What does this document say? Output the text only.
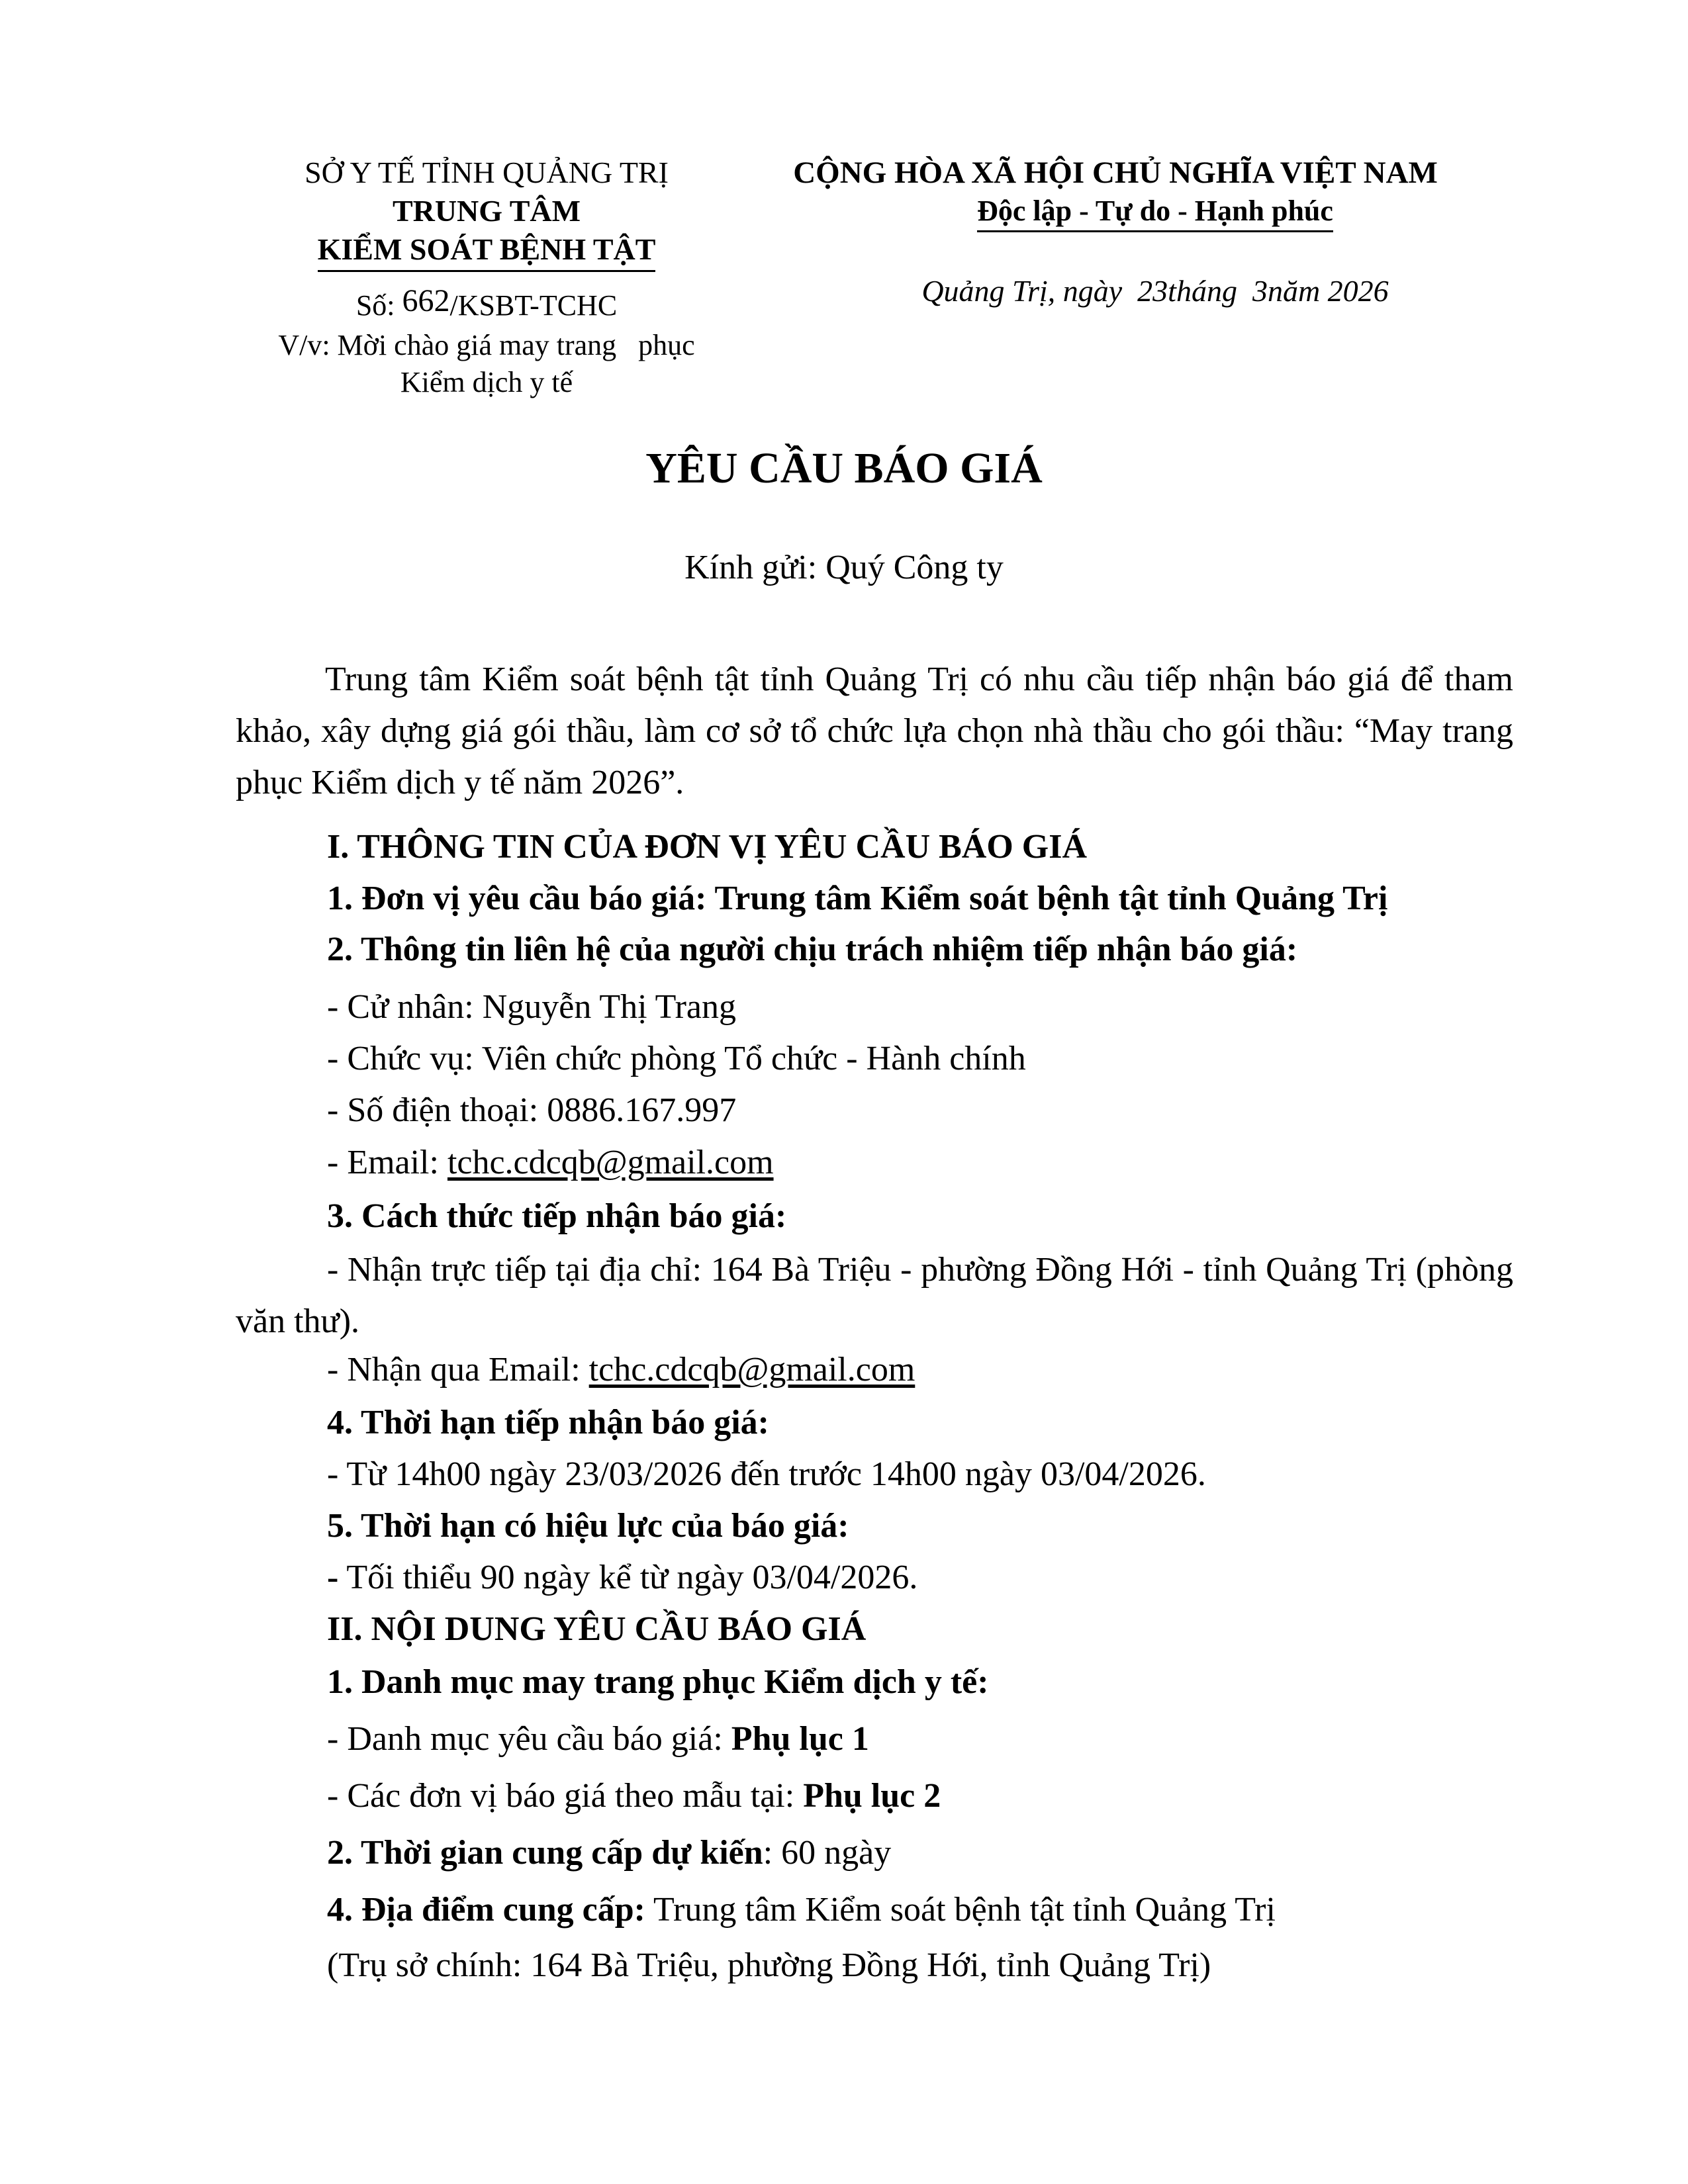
SỞ Y TẾ TỈNH QUẢNG TRỊ
TRUNG TÂM
KIỂM SOÁT BỆNH TẬT
Số: 662/KSBT-TCHC
V/v: Mời chào giá may trang   phục
Kiểm dịch y tế
CỘNG HÒA XÃ HỘI CHỦ NGHĨA VIỆT NAM
Độc lập - Tự do - Hạnh phúc
Quảng Trị, ngày  23tháng  3năm 2026
YÊU CẦU BÁO GIÁ
Kính gửi: Quý Công ty
Trung tâm Kiểm soát bệnh tật tỉnh Quảng Trị có nhu cầu tiếp nhận báo giá để tham khảo, xây dựng giá gói thầu, làm cơ sở tổ chức lựa chọn nhà thầu cho gói thầu: “May trang phục Kiểm dịch y tế năm 2026”.
I. THÔNG TIN CỦA ĐƠN VỊ YÊU CẦU BÁO GIÁ
1. Đơn vị yêu cầu báo giá: Trung tâm Kiểm soát bệnh tật tỉnh Quảng Trị
2. Thông tin liên hệ của người chịu trách nhiệm tiếp nhận báo giá:
- Cử nhân: Nguyễn Thị Trang
- Chức vụ: Viên chức phòng Tổ chức - Hành chính
- Số điện thoại: 0886.167.997
- Email: tchc.cdcqb@gmail.com
3. Cách thức tiếp nhận báo giá:
- Nhận trực tiếp tại địa chỉ: 164 Bà Triệu - phường Đồng Hới - tỉnh Quảng Trị (phòng văn thư).
- Nhận qua Email: tchc.cdcqb@gmail.com
4. Thời hạn tiếp nhận báo giá:
- Từ 14h00 ngày 23/03/2026 đến trước 14h00 ngày 03/04/2026.
5. Thời hạn có hiệu lực của báo giá:
- Tối thiểu 90 ngày kể từ ngày 03/04/2026.
II. NỘI DUNG YÊU CẦU BÁO GIÁ
1. Danh mục may trang phục Kiểm dịch y tế:
- Danh mục yêu cầu báo giá: Phụ lục 1
- Các đơn vị báo giá theo mẫu tại: Phụ lục 2
2. Thời gian cung cấp dự kiến: 60 ngày
4. Địa điểm cung cấp: Trung tâm Kiểm soát bệnh tật tỉnh Quảng Trị
(Trụ sở chính: 164 Bà Triệu, phường Đồng Hới, tỉnh Quảng Trị)
